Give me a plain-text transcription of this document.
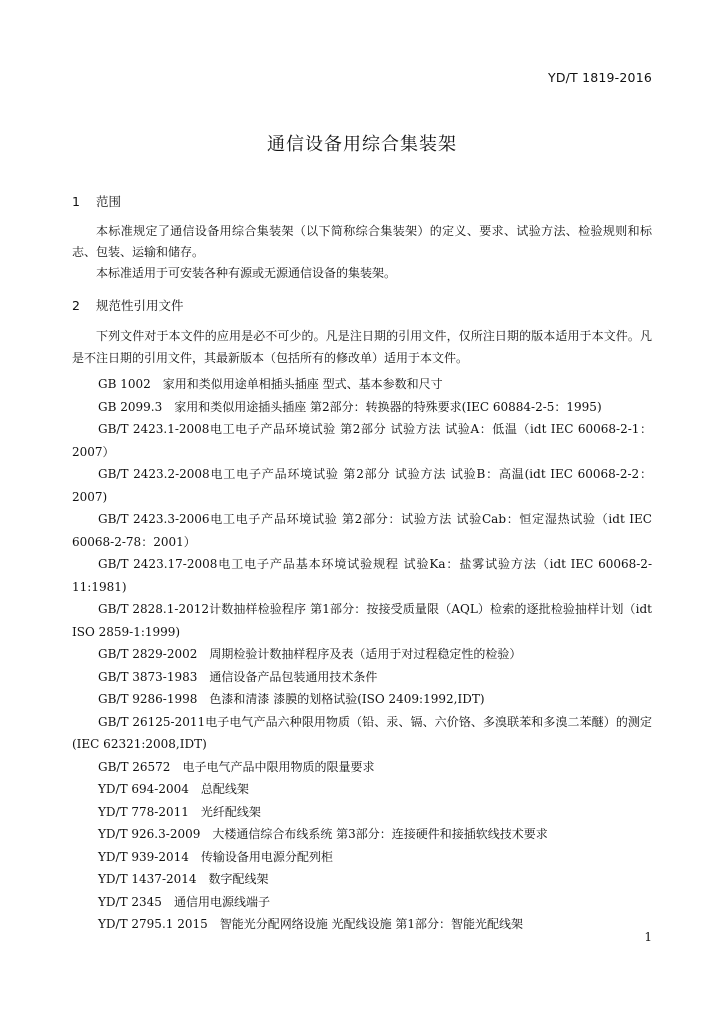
YD/T 1819-2016
通信设备用综合集装架
1 范围

本标准规定了通信设备用综合集装架（以下简称综合集装架）的定义、要求、试验方法、检验规则和标志、包装、运输和储存。

本标准适用于可安装各种有源或无源通信设备的集装架。

2 规范性引用文件

下列文件对于本文件的应用是必不可少的。凡是注日期的引用文件，仅所注日期的版本适用于本文件。凡是不注日期的引用文件，其最新版本（包括所有的修改单）适用于本文件。

GB 1002 家用和类似用途单相插头插座 型式、基本参数和尺寸

GB 2099.3 家用和类似用途插头插座 第2部分：转换器的特殊要求(IEC 60884-2-5：1995)

GB/T 2423.1-2008电工电子产品环境试验 第2部分 试验方法 试验A：低温（idt IEC 60068-2-1：2007）

GB/T 2423.2-2008电工电子产品环境试验 第2部分 试验方法 试验B：高温(idt IEC 60068-2-2：2007)

GB/T 2423.3-2006电工电子产品环境试验 第2部分：试验方法 试验Cab：恒定湿热试验（idt IEC 60068-2-78：2001）

GB/T 2423.17-2008电工电子产品基本环境试验规程 试验Ka：盐雾试验方法（idt IEC 60068-2-11:1981)

GB/T 2828.1-2012计数抽样检验程序 第1部分：按接受质量限（AQL）检索的逐批检验抽样计划（idt ISO 2859-1:1999)

GB/T 2829-2002 周期检验计数抽样程序及表（适用于对过程稳定性的检验）

GB/T 3873-1983 通信设备产品包装通用技术条件

GB/T 9286-1998 色漆和清漆 漆膜的划格试验(ISO 2409:1992,IDT)

GB/T 26125-2011电子电气产品六种限用物质（铅、汞、镉、六价铬、多溴联苯和多溴二苯醚）的测定(IEC 62321:2008,IDT)

GB/T 26572 电子电气产品中限用物质的限量要求

YD/T 694-2004 总配线架

YD/T 778-2011 光纤配线架

YD/T 926.3-2009 大楼通信综合布线系统 第3部分：连接硬件和接插软线技术要求

YD/T 939-2014 传输设备用电源分配列柜

YD/T 1437-2014 数字配线架

YD/T 2345 通信用电源线端子

YD/T 2795.1 2015 智能光分配网络设施 光配线设施 第1部分：智能光配线架

1
